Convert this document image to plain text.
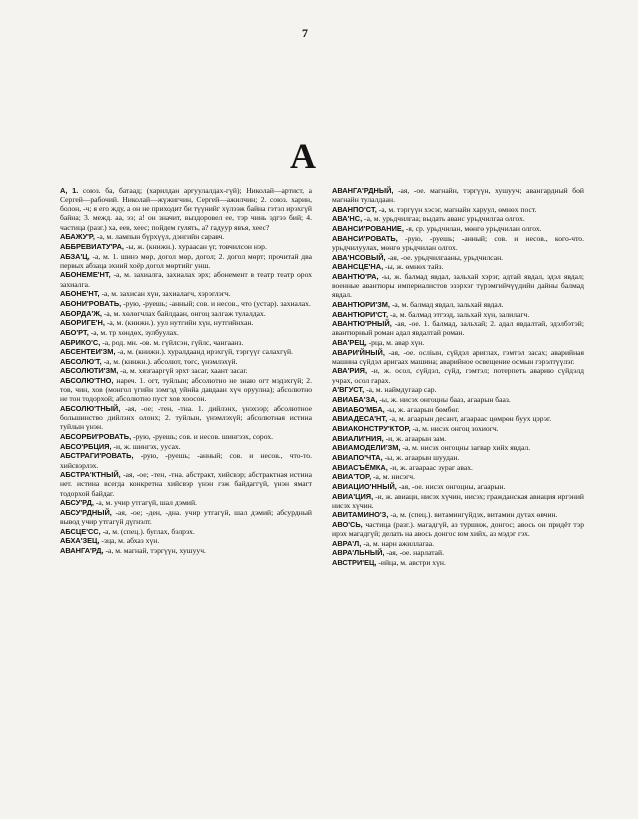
7
A
А, 1. союз. ба, батаад; (харилдан аргуулалдах-гүй); Николай—артист, а Сергей—рабочий. Николай—жүжигчин, Сергей—ажилчин; 2. союз. харин, болон, -ч; я его жду, а он не приходит би түүнийг хүлээж байна гэтэл ирэхгүй байна; 3. межд. аа, ээ; а! он значит, выздоровел ее, тэр чинь эдгээ бий; 4. частица (разг.) ха, еев, хеес; пойдем гулять, а? гадуур явъя, хеес?
АБАЖУ'Р, -а, м. лампын бүрхүүл, дэнгийн саравч.
АББРЕВИАТУ'РА, -ы, ж. (книжн.). хураасан үг, товчилсон нэр.
АБЗА'Ц, -а, м. 1. шинэ мөр, догол мөр, догол; 2. догол мөрт; прочитай два первых абзаца эхний хоёр догол мөртийг унш.
АБОНЕМЕ'НТ, -а, м. захиалга, захиалах эрх; абонемент в театр театр орох захиалга.
АБОНЕ'НТ, -а, м. захисан хүн, захиалагч, хэрэглэгч.
АБОНИ'РОВАТЬ, -рую, -руешь; -анный; сов. и несов., что (устар). захиалах.
АБОРДА'Ж, -а, м. хөлөгчлах байлдаан, онгоц залгаж тулалдах.
АБОРИГЕ'Н, -а, м. (книжн.). уул нутгийн хүн, нутгийнхан.
АБО'РТ, -а, м. тр хөндөх, зулбуулах.
АБРИКО'С, -а, род. мн. -ов. м. гүйлсэн, гүйлс, чангаанз.
АБСЕНТЕИ'ЗМ, -а, м. (книжн.). хуралдаанд ирэхгүй, тэргүүг салахгүй.
АБСОЛЮ'Т, -а, м. (книжн.). абсолют, төгс, үнэмлэхүй.
АБСОЛЮТИ'ЗМ, -а, м. хязгааргүй эрхт засаг, хаант засаг.
АБСОЛЮ'ТНО, нареч. 1. огт, туйлын; абсолютно не знаю огт мэдэхгүй; 2. тов, чин, хов (монгол үгийн зэмгэд уйнйа давдаан хүч оруулна); абсолютно не тон тодорхой; абсолютно пуст хов хоосон.
АБСОЛЮ'ТНЫЙ, -ая, -ое; -тен, -тна. 1. дийлэнх, үнэхээр; абсолютное большинство дийлэнх олонх; 2. туйлын, үнэмлэхүй; абсолютная истина туйлын үнэн.
АБСОРБИ'РОВАТЬ, -рую, -руешь; сов. и несов. шингээх, сорох.
АБСО'РБЦИЯ, -и, ж. шингэх, уусах.
АБСТРАГИ'РОВАТЬ, -рую, -руешь; -анный; сов. и несов., что-то. хийсвэрлэх.
АБСТРА'КТНЫЙ, -ая, -ое; -тен, -тна. абстракт, хийсвэр; абстрактная истина нет. истина всегда конкретна хийсвэр үнэн гэж байдаггүй, үнэн ямагт тодорхой байдаг.
АБСУ'РД, -а, м. учир утгагүй, шал дэмий.
АБСУ'РДНЫЙ, -ая, -ое; -ден, -дна. учир утгагүй, шал дэмий; абсурдный вывод учир утгагүй дүгнэлт.
АБСЦЕ'СС, -а, м. (спец.). буглах, бэлрэх.
АБХА'ЗЕЦ, -зца, м. абхаз хүн.
АВАНГА'РД, -а, м. магнай, тэргүүн, хушууч.
АВАНГА'РДНЫЙ, -ая, -ое. магнайн, тэргүүн, хушууч; авангардный бой магнайн тулалдаан.
АВАНПО'СТ, -а, м. тэргүүн хэсэг, магнайн харуул, өмнөх пост.
АВА'НС, -а, м. урьдчилгаа; выдать аванс урьдчилгаа олгох.
АВАНСИ'РОВАНИЕ, -я, ср. урьдчилан, мөнгө урьдчилан олгох.
АВАНСИ'РОВАТЬ, -рую, -руешь; -анный; сов. и несов., кого-что. урьдчилуулах, мөнгө урьдчилан олгох.
АВА'НСОВЫЙ, -ая, -ое. урьдчилгааны, урьдчилсан.
АВАНСЦЕ'НА, -ы, ж. өмнөх тайз.
АВАНТЮ'РА, -ы, ж. балмад явдал, зальхай хэрэг, адтай явдал, эдэл явдал; военные авантюры империалистов эзэрхэг түрэмгийчүүдийн дайны балмад явдал.
АВАНТЮРИ'ЗМ, -а, м. балмад явдал, зальхай явдал.
АВАНТЮРИ'СТ, -а, м. балмад этгээд, зальхай хүн, залилагч.
АВАНТЮ'РНЫЙ, -ая, -ое. 1. балмад, зальхай; 2. адал явдалтай, эдэлбэтэй; авантюрный роман адал явдалтай роман.
АВА'РЕЦ, -рца, м. авар хүн.
АВАРИ'ЙНЫЙ, -ая, -ое. осліын, сүйдэл ариглах, гэмтэл засах; аварийная машина сүйдэл аригаах машина; аварийное освещение осмын гэрэлтүүлэг.
АВА'РИЯ, -и, ж. осол, сүйдэл, сүйд, гэмтэл; потерпеть аварию сүйдэлд учрах, осол гарах.
А'ВГУСТ, -а, м. наймдугаар сар.
АВИАБА'ЗА, -ы, ж. нисэх онгоцны бааз, агаарын бааз.
АВИАБО'МБА, -ы, ж. агаарын бөмбөг.
АВИАДЕСА'НТ, -а, м. агаарын десант, агаараас цөмрөн буух цэрэг.
АВИАКОНСТРУ'КТОР, -а, м. нисэх онгоц зохиогч.
АВИАЛИ'НИЯ, -и, ж. агаарын зам.
АВИАМОДЕЛИ'ЗМ, -а, м. нисэх онгоцны загвар хийх явдал.
АВИАПО'ЧТА, -ы, ж. агаарын шуудан.
АВИАСЪЁМКА, -и, ж. агаараас зураг авах.
АВИА'ТОР, -а, м. нисэгч.
АВИАЦИО'ННЫЙ, -ая, -ое. нисэх онгоцны, агаарын.
АВИА'ЦИЯ, -и, ж. авиаци, нисэх хүчин, нисэх; гражданская авиация иргэний нисэх хүчин.
АВИТАМИНО'З, -а, м. (спец.). витамингүйдэх, витамин дутах өвчин.
АВО'СЬ, частица (разг.). магадгүй, аз туршиж, донгос; авось он придёт тэр ирэх магадгүй; делать на авось донгос юм хийх, аз мэдэг гэх.
АВРА'Л, -а, м. нарн ажиллагаа.
АВРА'ЛЬНЫЙ, -ая, -ое. нарлатай.
АВСТРИ'ЕЦ, -ийца, м. австри хүн.
